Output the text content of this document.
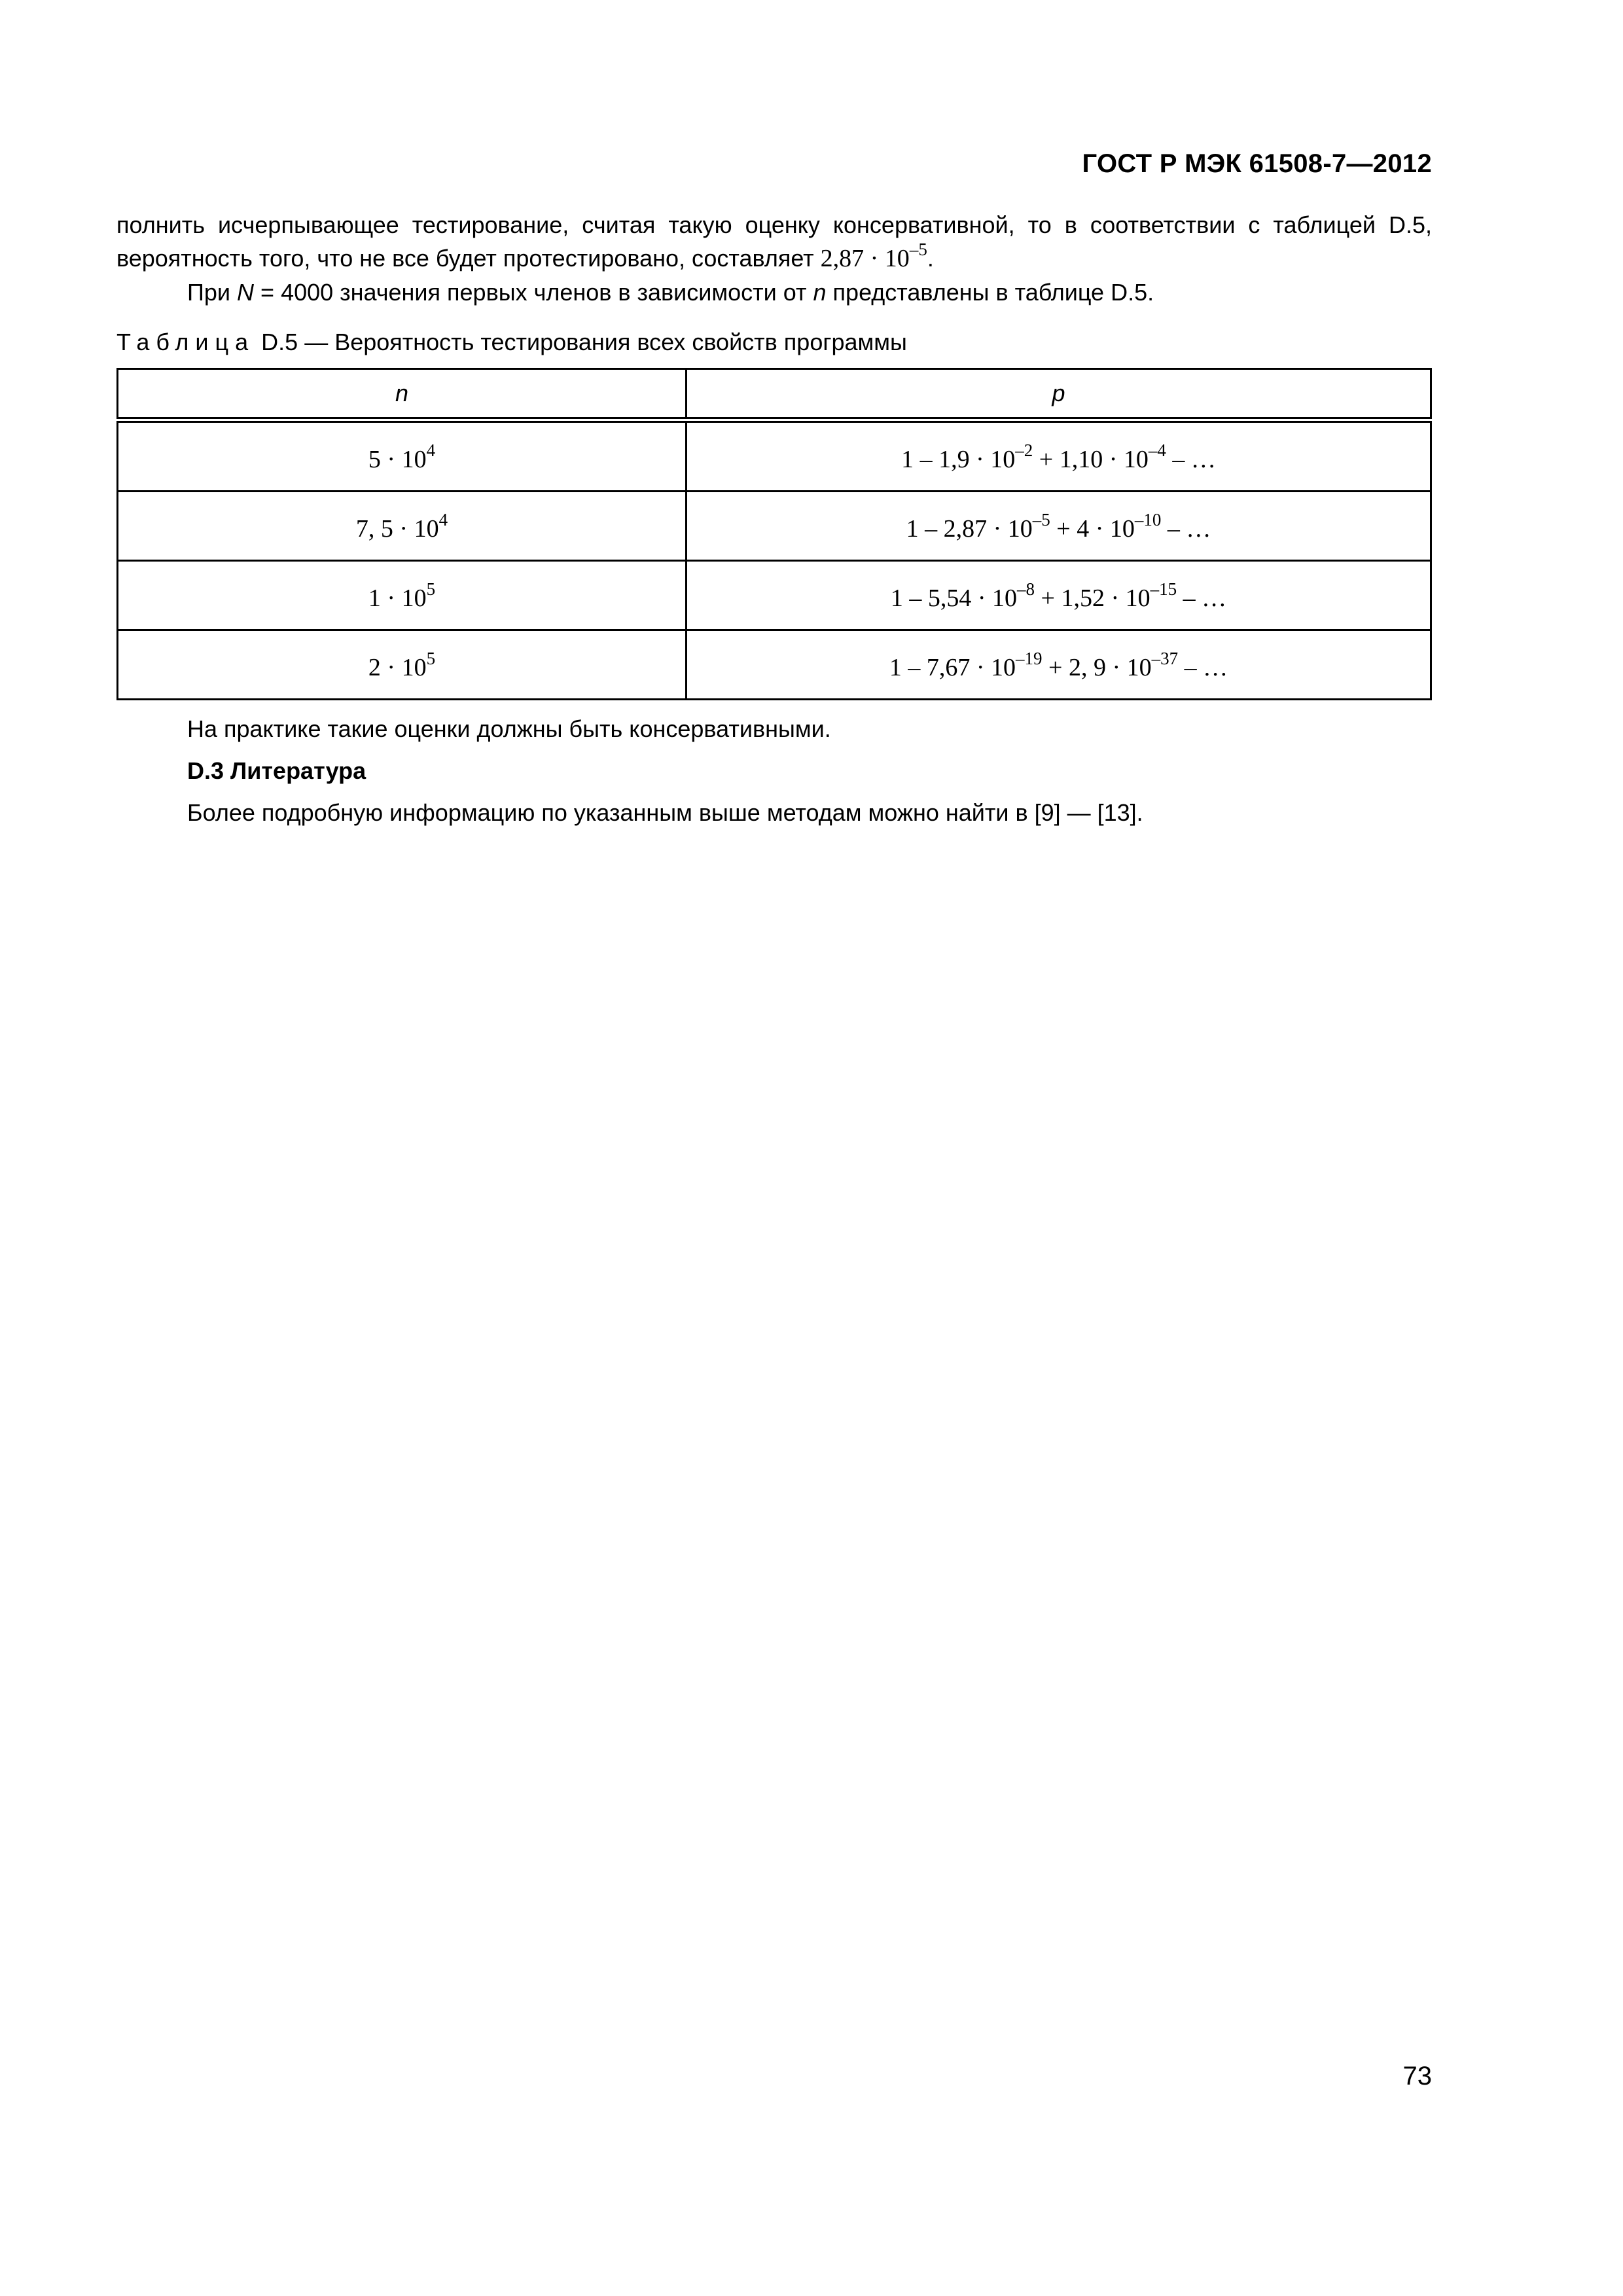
ГОСТ Р МЭК 61508-7—2012

полнить исчерпывающее тестирование, считая такую оценку консервативной, то в соответствии с таблицей D.5,

вероятность того, что не все будет протестировано, составляет $2,87 \cdot 10^{-5}$.

При N = 4000 значения первых членов в зависимости от n представлены в таблице D.5.

Таблица D.5 — Вероятность тестирования всех свойств программы
n	p
$5 \cdot 10^4$	$1 - 1,9 \cdot 10^{-2} + 1,10 \cdot 10^{-4}$ – …
7, $5 \cdot 10^4$	$1 - 2,87 \cdot 10^{-5} + 4 \cdot 10^{-10}$ – …
$1 \cdot 10^5$	$1 - 5,54 \cdot 10^{-8} + 1,52 \cdot 10^{-15}$ – …
$2 \cdot 10^5$	$1 - 7,67 \cdot 10^{-19} + 2$, $9 \cdot 10^{-37}$ – …

На практике такие оценки должны быть консервативными.

D.3 Литература

Более подробную информацию по указанным выше методам можно найти в [9] — [13].

73
